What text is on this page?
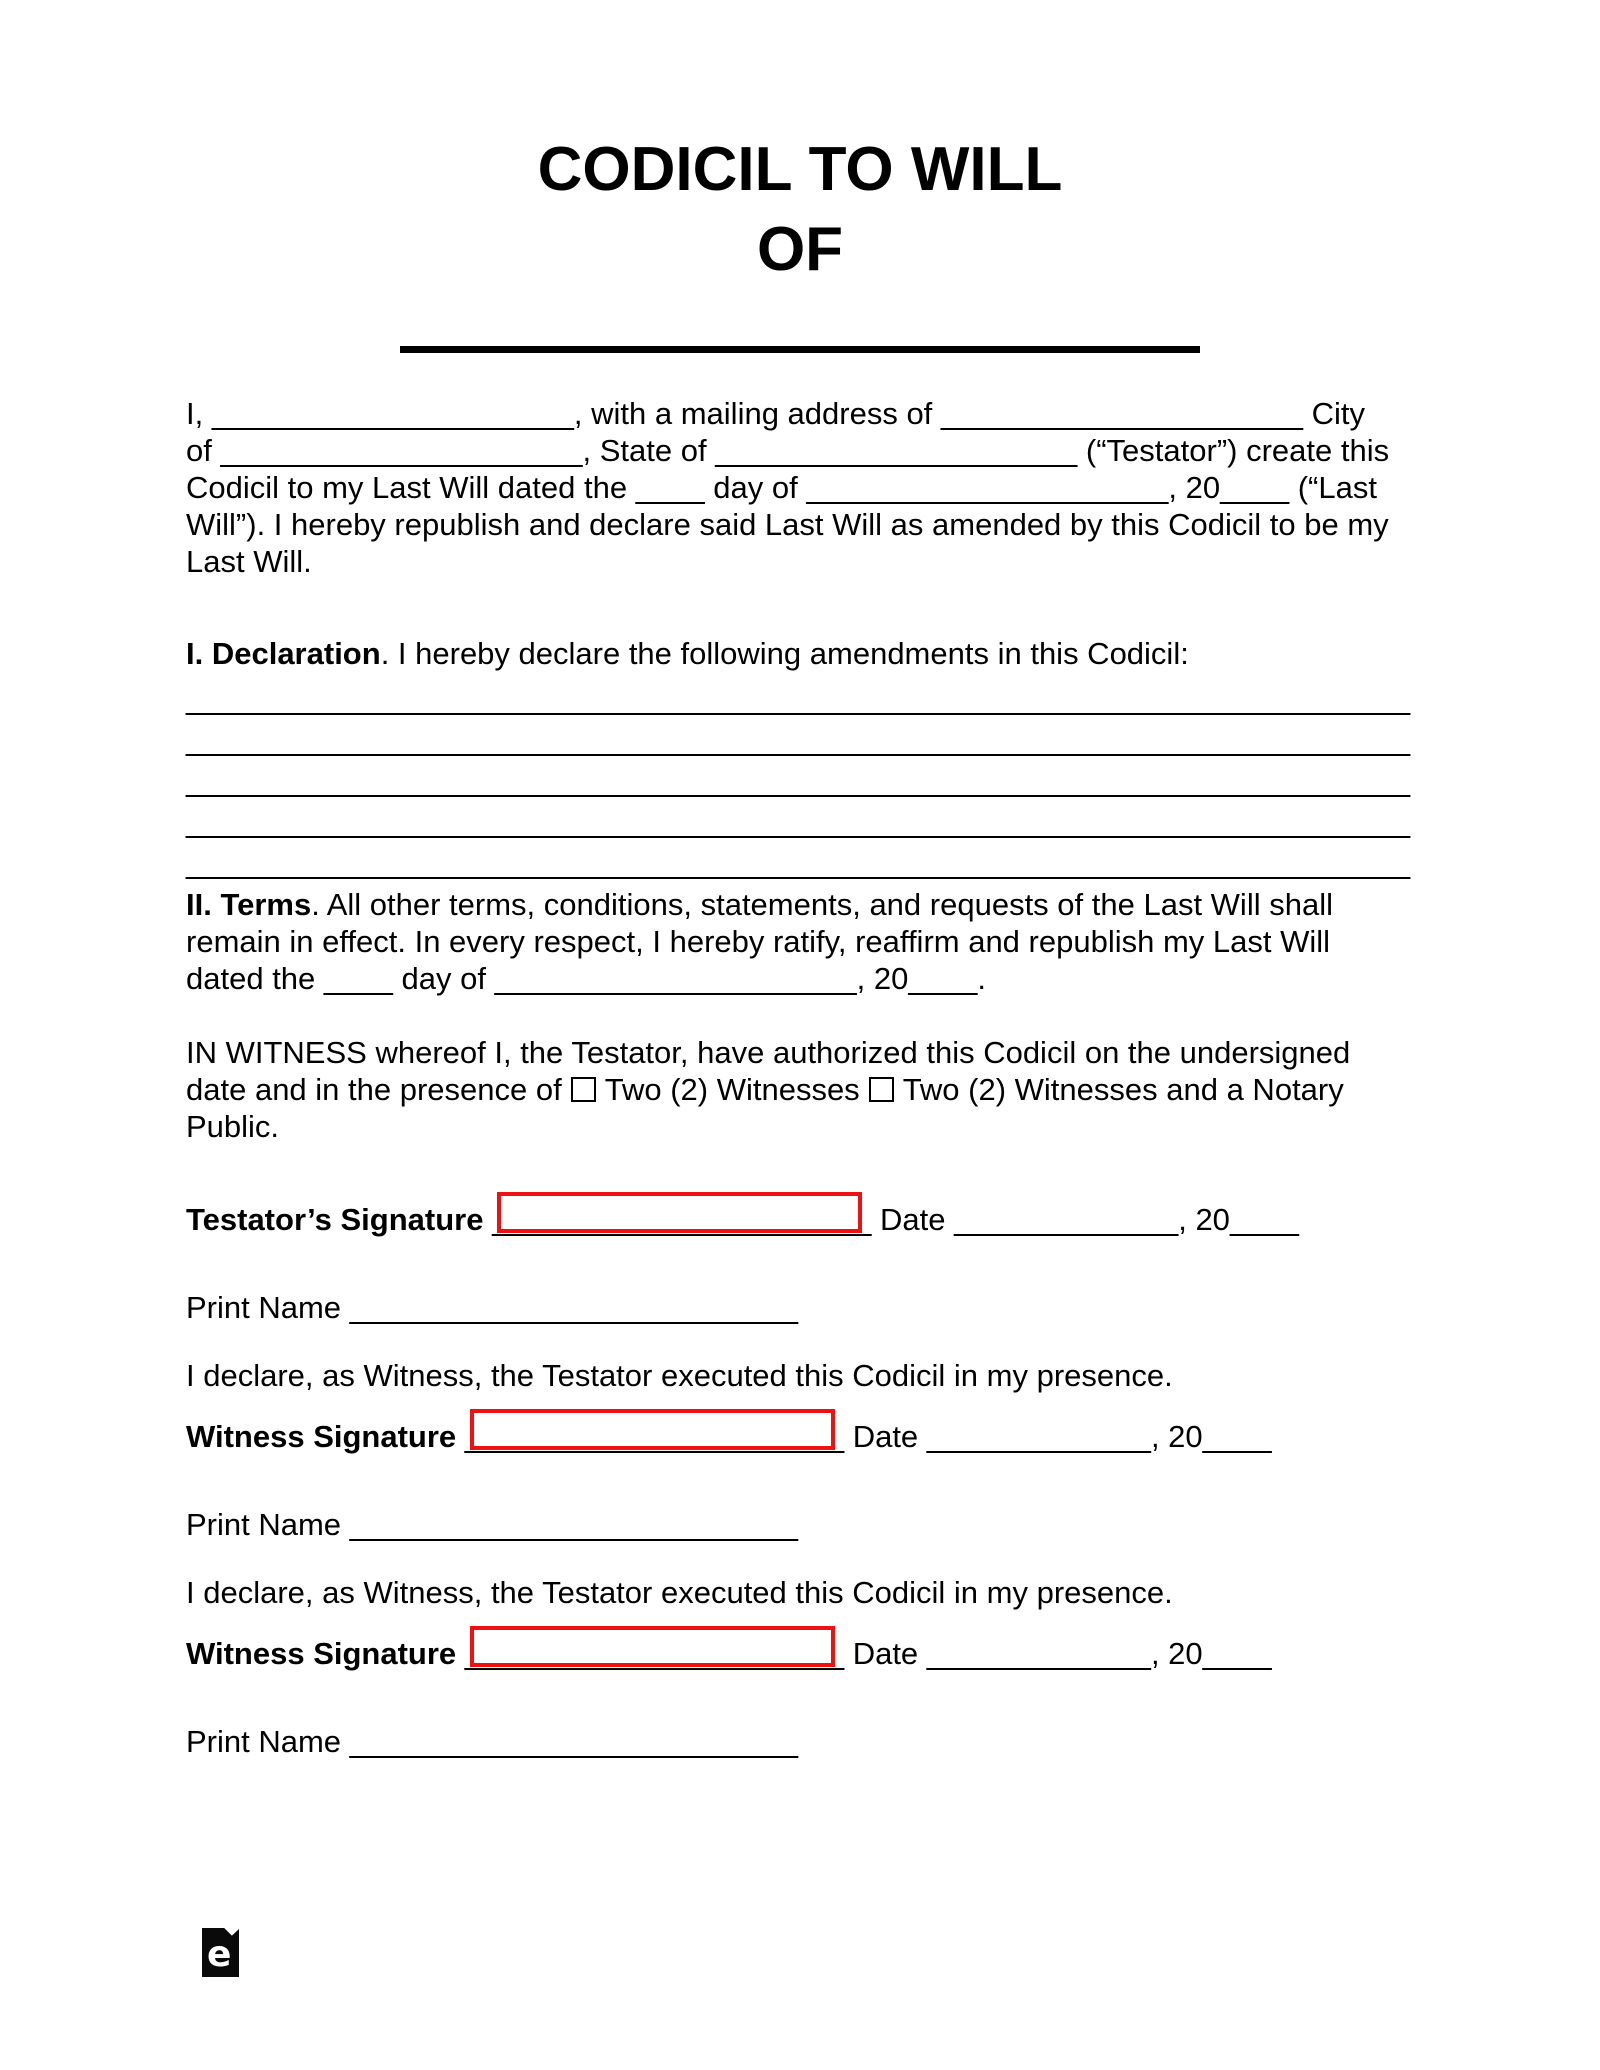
CODICIL TO WILL
OF
I, _____________________, with a mailing address of _____________________ City
of _____________________, State of _____________________ (“Testator”) create this
Codicil to my Last Will dated the ____ day of _____________________, 20____ (“Last
Will”). I hereby republish and declare said Last Will as amended by this Codicil to be my
Last Will.
I. Declaration. I hereby declare the following amendments in this Codicil:
_______________________________________________________________________
_______________________________________________________________________
_______________________________________________________________________
_______________________________________________________________________
_______________________________________________________________________
II. Terms. All other terms, conditions, statements, and requests of the Last Will shall
remain in effect. In every respect, I hereby ratify, reaffirm and republish my Last Will
dated the ____ day of _____________________, 20____.
IN WITNESS whereof I, the Testator, have authorized this Codicil on the undersigned
date and in the presence of Two (2) Witnesses Two (2) Witnesses and a Notary
Public.
Testator’s Signature ______________________
Date _____________, 20____
Print Name __________________________
I declare, as Witness, the Testator executed this Codicil in my presence.
Witness Signature ______________________
Date _____________, 20____
Print Name __________________________
I declare, as Witness, the Testator executed this Codicil in my presence.
Witness Signature ______________________
Date _____________, 20____
Print Name __________________________
e
